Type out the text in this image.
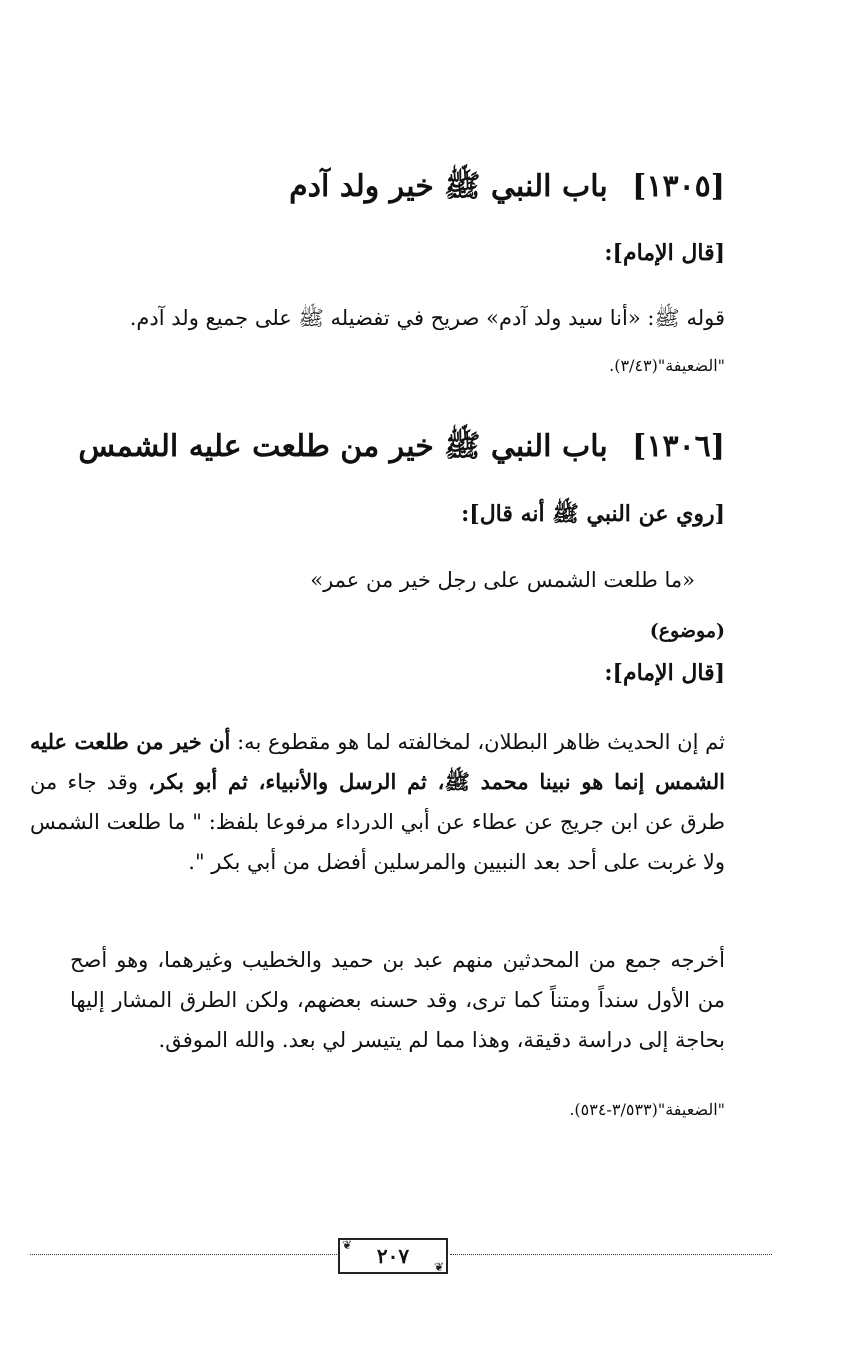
[١٣٠٥] باب النبي ﷺ خير ولد آدم
[قال الإمام]:
قوله ﷺ: «أنا سيد ولد آدم» صريح في تفضيله ﷺ على جميع ولد آدم.
"الضعيفة"(٣/٤٣).
[١٣٠٦] باب النبي ﷺ خير من طلعت عليه الشمس
[روي عن النبي ﷺ أنه قال]:
«ما طلعت الشمس على رجل خير من عمر»
(موضوع)
[قال الإمام]:
ثم إن الحديث ظاهر البطلان، لمخالفته لما هو مقطوع به: أن خير من طلعت عليه الشمس إنما هو نبينا محمد ﷺ، ثم الرسل والأنبياء، ثم أبو بكر، وقد جاء من طرق عن ابن جريج عن عطاء عن أبي الدرداء مرفوعا بلفظ: " ما طلعت الشمس ولا غربت على أحد بعد النبيين والمرسلين أفضل من أبي بكر ".
أخرجه جمع من المحدثين منهم عبد بن حميد والخطيب وغيرهما، وهو أصح من الأول سنداً ومتناً كما ترى، وقد حسنه بعضهم، ولكن الطرق المشار إليها بحاجة إلى دراسة دقيقة، وهذا مما لم يتيسر لي بعد. والله الموفق.
"الضعيفة"(٣/٥٣٣-٥٣٤).
❦ ٢٠٧ ❦
